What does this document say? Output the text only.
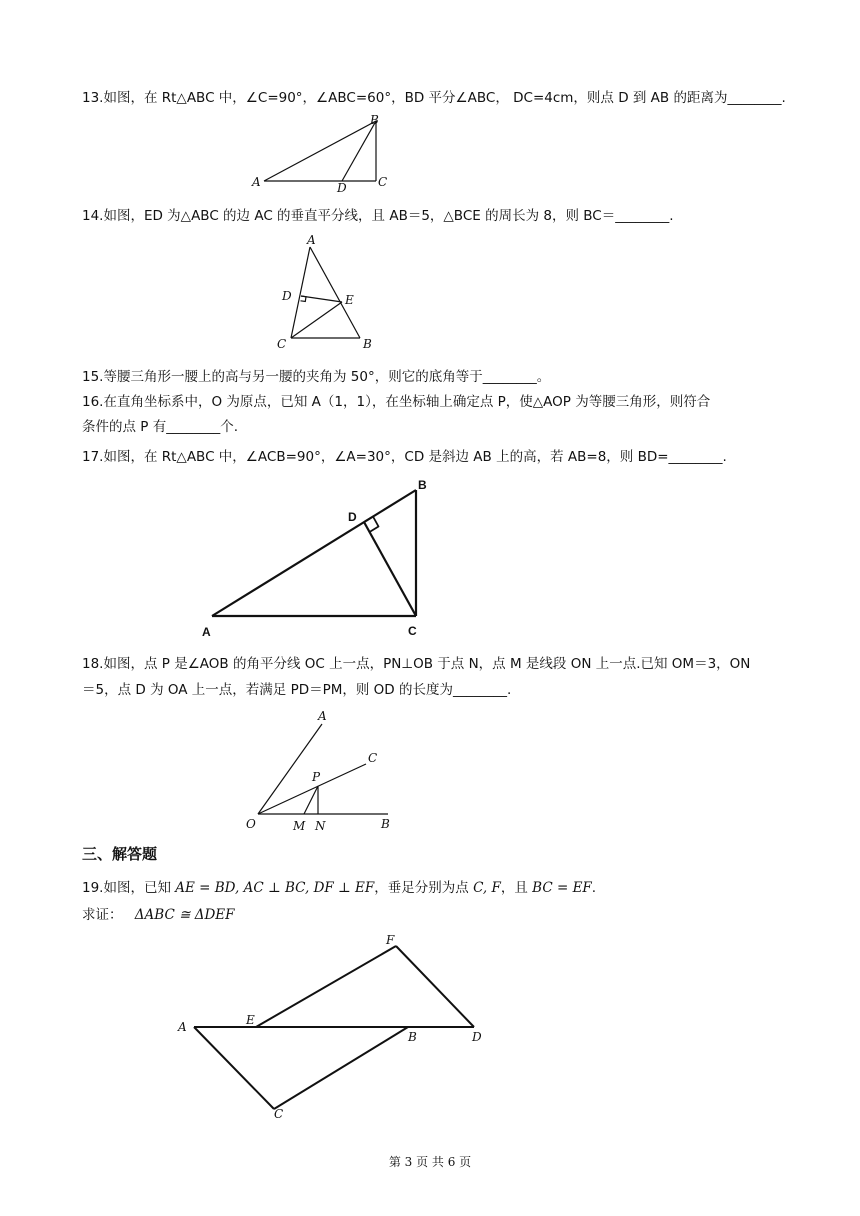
13.如图，在 Rt△ABC 中，∠C=90°，∠ABC=60°，BD 平分∠ABC， DC=4cm，则点 D 到 AB 的距离为________.
A
B
C
D
14.如图，ED 为△ABC 的边 AC 的垂直平分线，且 AB＝5，△BCE 的周长为 8，则 BC＝________.
A
D	E
C	B
15.等腰三角形一腰上的高与另一腰的夹角为 50°，则它的底角等于________。
16.在直角坐标系中，O 为原点，已知 A（1，1），在坐标轴上确定点 P，使△AOP 为等腰三角形，则符合
条件的点 P 有________个.
17.如图，在 Rt△ABC 中，∠ACB=90°，∠A=30°，CD 是斜边 AB 上的高，若 AB=8，则 BD=________.
A
B
D
C
18.如图，点 P 是∠AOB 的角平分线 OC 上一点，PN⊥OB 于点 N，点 M 是线段 ON 上一点.已知 OM＝3，ON
＝5，点 D 为 OA 上一点，若满足 PD＝PM，则 OD 的长度为________.
A
C
P
O	M N	B
三、解答题
19.如图，已知 AE = BD, AC ⊥ BC, DF ⊥ EF，垂足分别为点 C, F，且 BC = EF.
求证： ΔABC ≅ ΔDEF
A	E
F
B	D
C
第 3 页 共 6 页
